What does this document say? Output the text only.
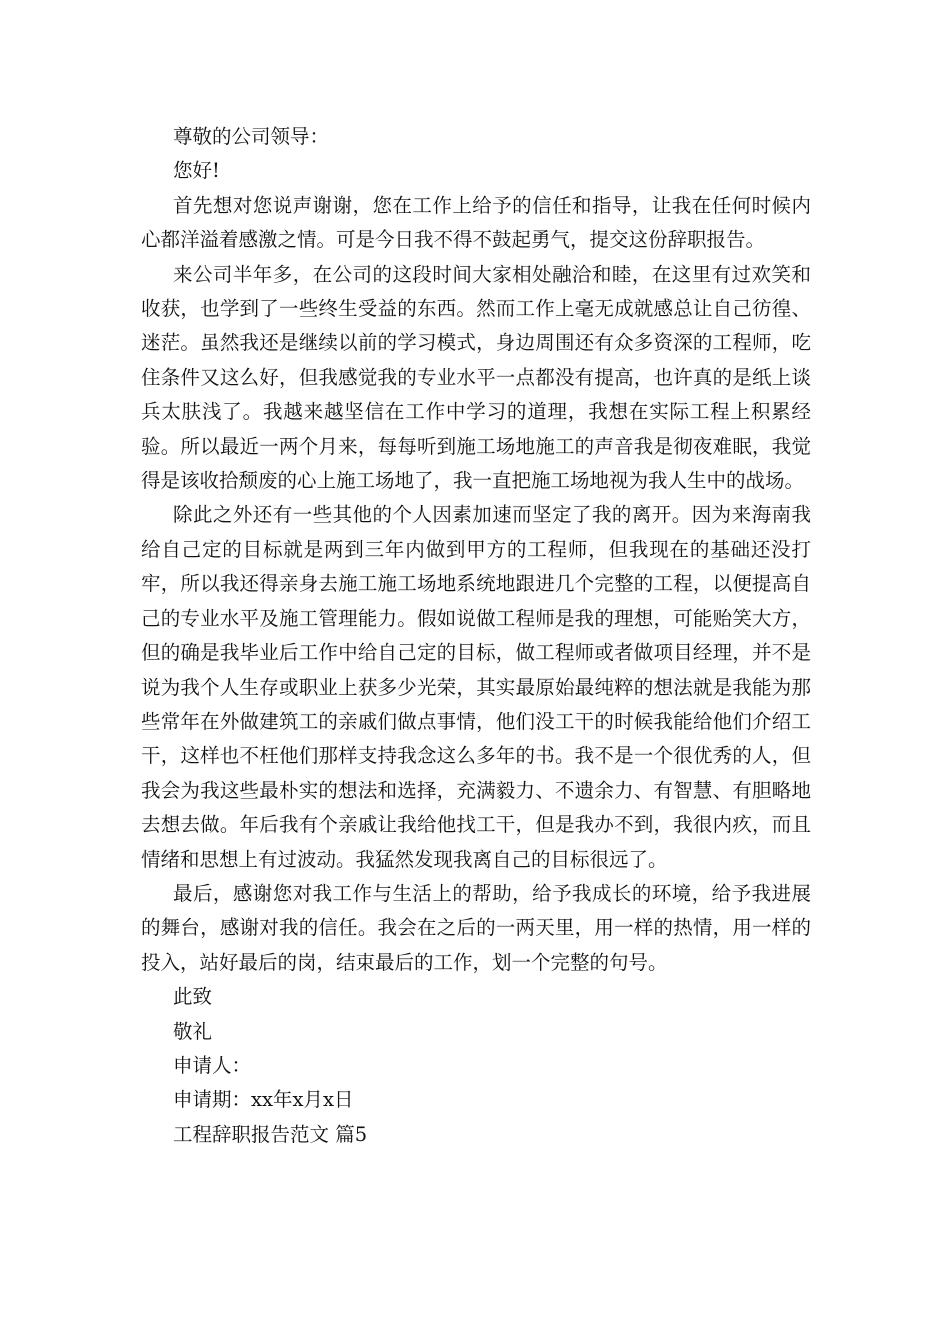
尊敬的公司领导：

您好!

首先想对您说声谢谢，您在工作上给予的信任和指导，让我在任何时候内心都洋溢着感激之情。可是今日我不得不鼓起勇气，提交这份辞职报告。

来公司半年多，在公司的这段时间大家相处融洽和睦，在这里有过欢笑和收获，也学到了一些终生受益的东西。然而工作上毫无成就感总让自己彷徨、迷茫。虽然我还是继续以前的学习模式，身边周围还有众多资深的工程师，吃住条件又这么好，但我感觉我的专业水平一点都没有提高，也许真的是纸上谈兵太肤浅了。我越来越坚信在工作中学习的道理，我想在实际工程上积累经验。所以最近一两个月来，每每听到施工场地施工的声音我是彻夜难眠，我觉得是该收拾颓废的心上施工场地了，我一直把施工场地视为我人生中的战场。

除此之外还有一些其他的个人因素加速而坚定了我的离开。因为来海南我给自己定的目标就是两到三年内做到甲方的工程师，但我现在的基础还没打牢，所以我还得亲身去施工施工场地系统地跟进几个完整的工程，以便提高自己的专业水平及施工管理能力。假如说做工程师是我的理想，可能贻笑大方，但的确是我毕业后工作中给自己定的目标，做工程师或者做项目经理，并不是说为我个人生存或职业上获多少光荣，其实最原始最纯粹的想法就是我能为那些常年在外做建筑工的亲戚们做点事情，他们没工干的时候我能给他们介绍工干，这样也不枉他们那样支持我念这么多年的书。我不是一个很优秀的人，但我会为我这些最朴实的想法和选择，充满毅力、不遗余力、有智慧、有胆略地去想去做。年后我有个亲戚让我给他找工干，但是我办不到，我很内疚，而且情绪和思想上有过波动。我猛然发现我离自己的目标很远了。

最后，感谢您对我工作与生活上的帮助，给予我成长的环境，给予我进展的舞台，感谢对我的信任。我会在之后的一两天里，用一样的热情，用一样的投入，站好最后的岗，结束最后的工作，划一个完整的句号。

此致

敬礼

申请人：

申请期：xx年x月x日

工程辞职报告范文 篇5
